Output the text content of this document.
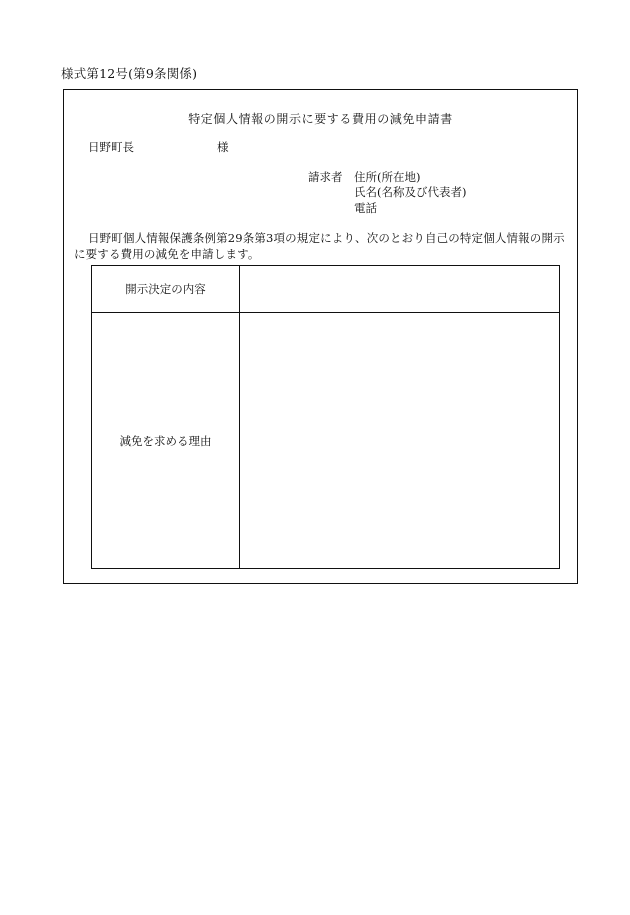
様式第12号(第9条関係)
特定個人情報の開示に要する費用の減免申請書
日野町長	様
請求者 住所(所在地)
氏名(名称及び代表者)
電話
日野町個人情報保護条例第29条第3項の規定により、次のとおり自己の特定個人情報の開示に要する費用の減免を申請します。
開示決定の内容	
減免を求める理由	
